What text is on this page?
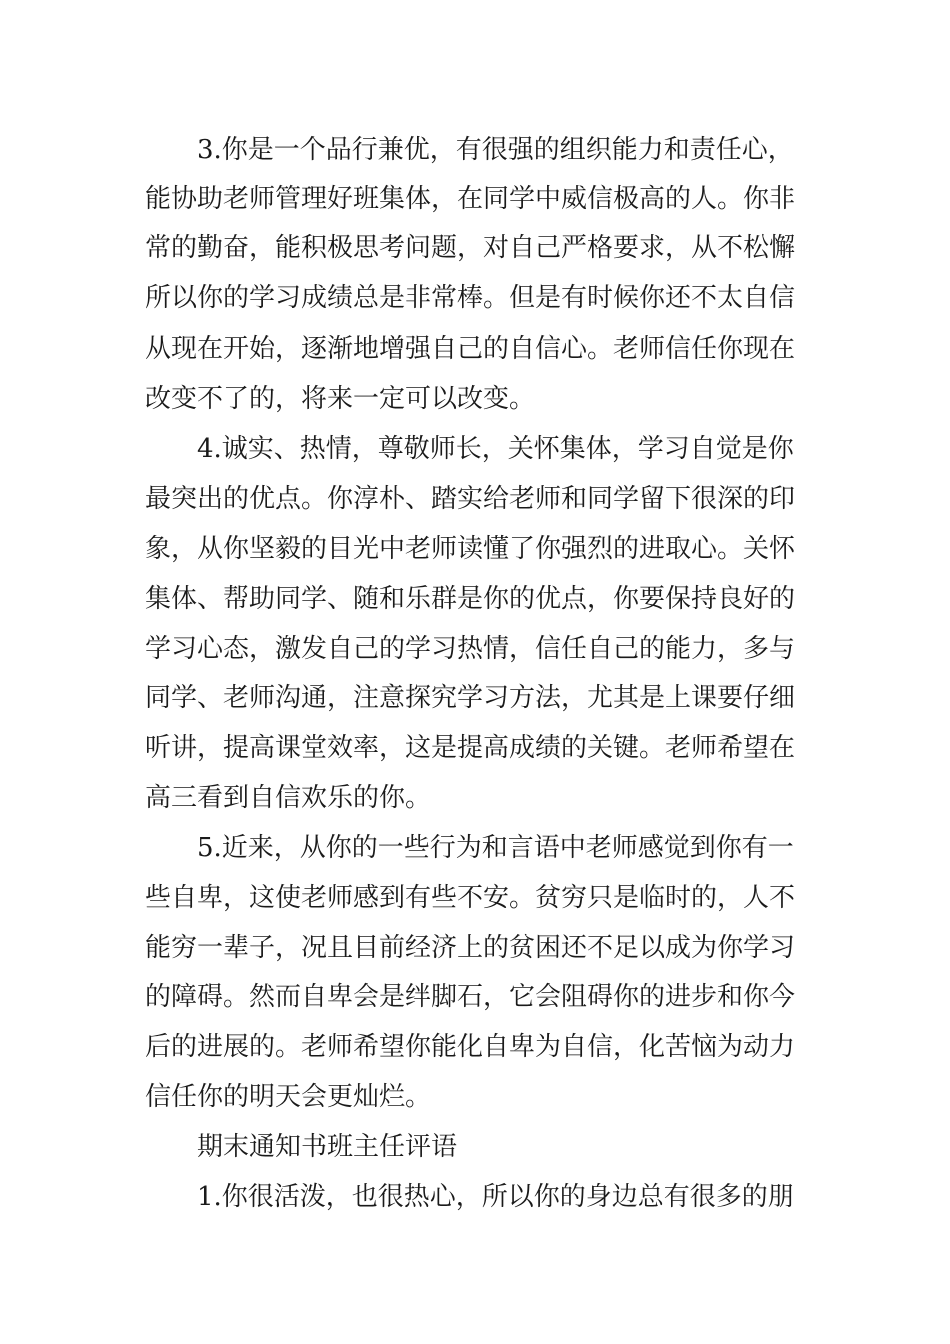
3.你是一个品行兼优，有很强的组织能力和责任心，
能协助老师管理好班集体，在同学中威信极高的人。你非
常的勤奋，能积极思考问题，对自己严格要求，从不松懈
所以你的学习成绩总是非常棒。但是有时候你还不太自信
从现在开始，逐渐地增强自己的自信心。老师信任你现在
改变不了的，将来一定可以改变。
4.诚实、热情，尊敬师长，关怀集体，学习自觉是你
最突出的优点。你淳朴、踏实给老师和同学留下很深的印
象，从你坚毅的目光中老师读懂了你强烈的进取心。关怀
集体、帮助同学、随和乐群是你的优点，你要保持良好的
学习心态，激发自己的学习热情，信任自己的能力，多与
同学、老师沟通，注意探究学习方法，尤其是上课要仔细
听讲，提高课堂效率，这是提高成绩的关键。老师希望在
高三看到自信欢乐的你。
5.近来，从你的一些行为和言语中老师感觉到你有一
些自卑，这使老师感到有些不安。贫穷只是临时的，人不
能穷一辈子，况且目前经济上的贫困还不足以成为你学习
的障碍。然而自卑会是绊脚石，它会阻碍你的进步和你今
后的进展的。老师希望你能化自卑为自信，化苦恼为动力
信任你的明天会更灿烂。
期末通知书班主任评语
1.你很活泼，也很热心，所以你的身边总有很多的朋
